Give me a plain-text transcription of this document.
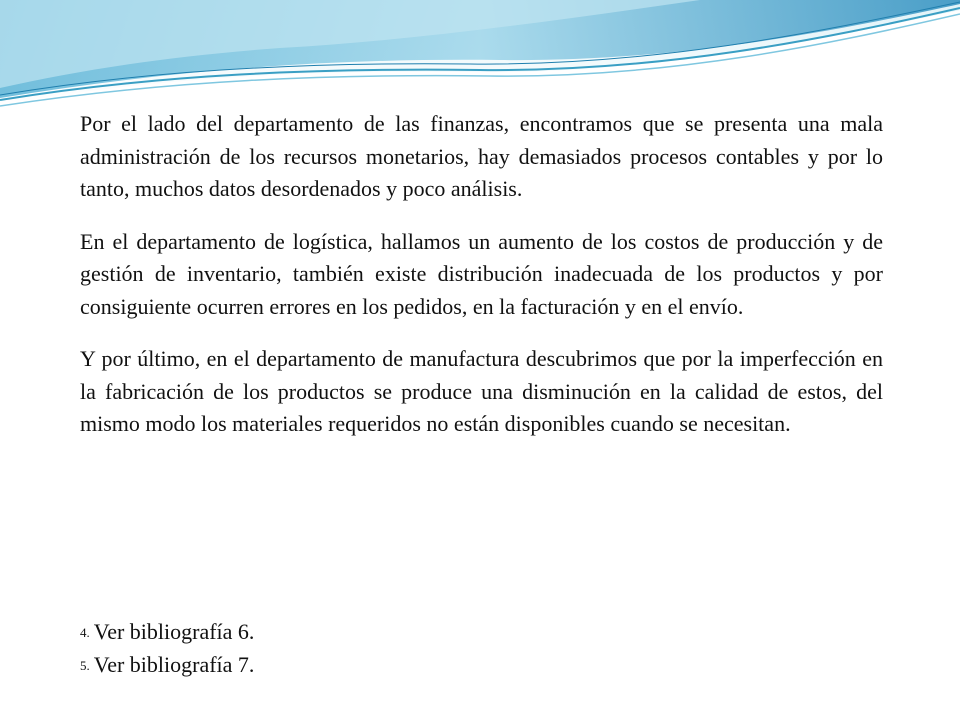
Por el lado del departamento de las finanzas, encontramos que se presenta una mala administración de los recursos monetarios, hay demasiados procesos contables y por lo tanto, muchos datos desordenados y poco análisis.

En el departamento de logística, hallamos un aumento de los costos de producción y de gestión de inventario, también existe distribución inadecuada de los productos y por consiguiente ocurren errores en los pedidos, en la facturación y en el envío.

Y por último, en el departamento de manufactura descubrimos que por la imperfección en la fabricación de los productos se produce una disminución en la calidad de estos, del mismo modo los materiales requeridos no están disponibles cuando se necesitan.

4. Ver bibliografía 6.

5. Ver bibliografía 7.
